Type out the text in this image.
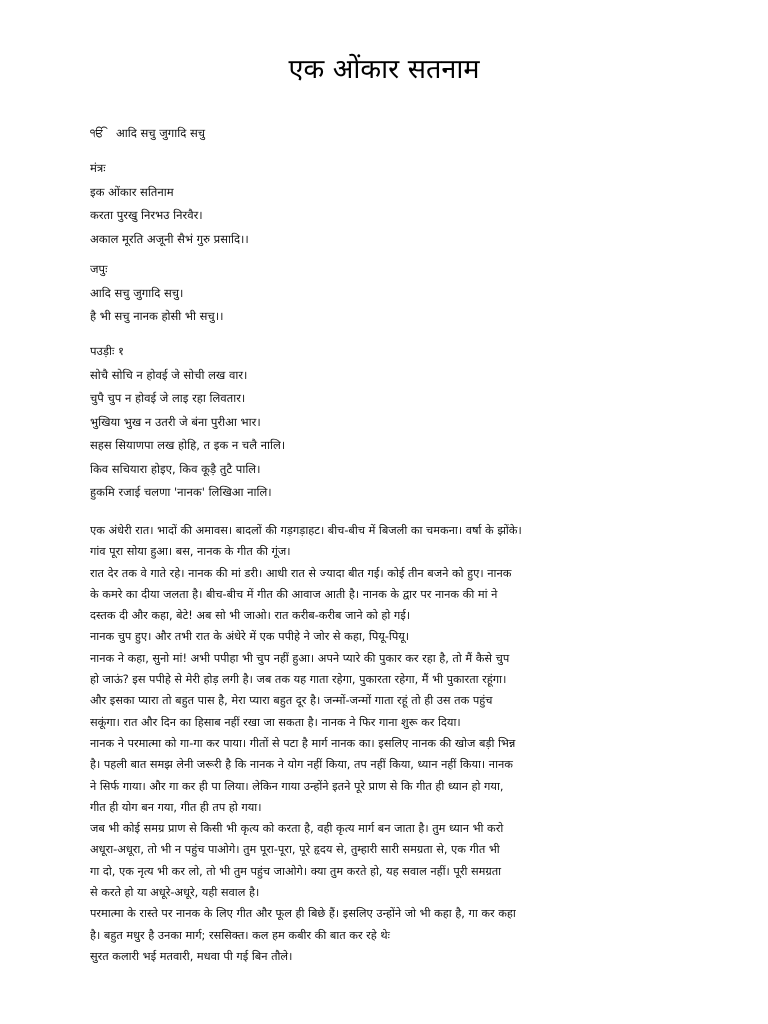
एक ओंकार सतनाम
ੴ आदि सचु जुगादि सचु
मंत्रः
इक ओंकार सतिनाम
करता पुरखु निरभउ निरवैर।
अकाल मूरति अजूनी सैभं गुरु प्रसादि।।
जपुः
आदि सचु जुगादि सचु।
है भी सचु नानक होसी भी सचु।।
पउड़ीः १
सोचै सोचि न होवई जे सोची लख वार।
चुपै चुप न होवई जे लाइ रहा लिवतार।
भुखिया भुख न उतरी जे बंना पुरीआ भार।
सहस सियाणपा लख होहि, त इक न चलै नालि।
किव सचियारा होइए, किव कूड़ै तुटै पालि।
हुकमि रजाई चलणा 'नानक' लिखिआ नालि।
एक अंधेरी रात। भादों की अमावस। बादलों की गड़गड़ाहट। बीच-बीच में बिजली का चमकना। वर्षा के झोंके।
गांव पूरा सोया हुआ। बस, नानक के गीत की गूंज।
रात देर तक वे गाते रहे। नानक की मां डरी। आधी रात से ज्यादा बीत गई। कोई तीन बजने को हुए। नानक
के कमरे का दीया जलता है। बीच-बीच में गीत की आवाज आती है। नानक के द्वार पर नानक की मां ने
दस्तक दी और कहा, बेटे! अब सो भी जाओ। रात करीब-करीब जाने को हो गई।
नानक चुप हुए। और तभी रात के अंधेरे में एक पपीहे ने जोर से कहा, पियू-पियू।
नानक ने कहा, सुनो मां! अभी पपीहा भी चुप नहीं हुआ। अपने प्यारे की पुकार कर रहा है, तो मैं कैसे चुप
हो जाऊं? इस पपीहे से मेरी होड़ लगी है। जब तक यह गाता रहेगा, पुकारता रहेगा, मैं भी पुकारता रहूंगा।
और इसका प्यारा तो बहुत पास है, मेरा प्यारा बहुत दूर है। जन्मों-जन्मों गाता रहूं तो ही उस तक पहुंच
सकूंगा। रात और दिन का हिसाब नहीं रखा जा सकता है। नानक ने फिर गाना शुरू कर दिया।
नानक ने परमात्मा को गा-गा कर पाया। गीतों से पटा है मार्ग नानक का। इसलिए नानक की खोज बड़ी भिन्न
है। पहली बात समझ लेनी जरूरी है कि नानक ने योग नहीं किया, तप नहीं किया, ध्यान नहीं किया। नानक
ने सिर्फ गाया। और गा कर ही पा लिया। लेकिन गाया उन्होंने इतने पूरे प्राण से कि गीत ही ध्यान हो गया,
गीत ही योग बन गया, गीत ही तप हो गया।
जब भी कोई समग्र प्राण से किसी भी कृत्य को करता है, वही कृत्य मार्ग बन जाता है। तुम ध्यान भी करो
अधूरा-अधूरा, तो भी न पहुंच पाओगे। तुम पूरा-पूरा, पूरे हृदय से, तुम्हारी सारी समग्रता से, एक गीत भी
गा दो, एक नृत्य भी कर लो, तो भी तुम पहुंच जाओगे। क्या तुम करते हो, यह सवाल नहीं। पूरी समग्रता
से करते हो या अधूरे-अधूरे, यही सवाल है।
परमात्मा के रास्ते पर नानक के लिए गीत और फूल ही बिछे हैं। इसलिए उन्होंने जो भी कहा है, गा कर कहा
है। बहुत मधुर है उनका मार्ग; रससिक्त। कल हम कबीर की बात कर रहे थेः
सुरत कलारी भई मतवारी, मधवा पी गई बिन तौले।
